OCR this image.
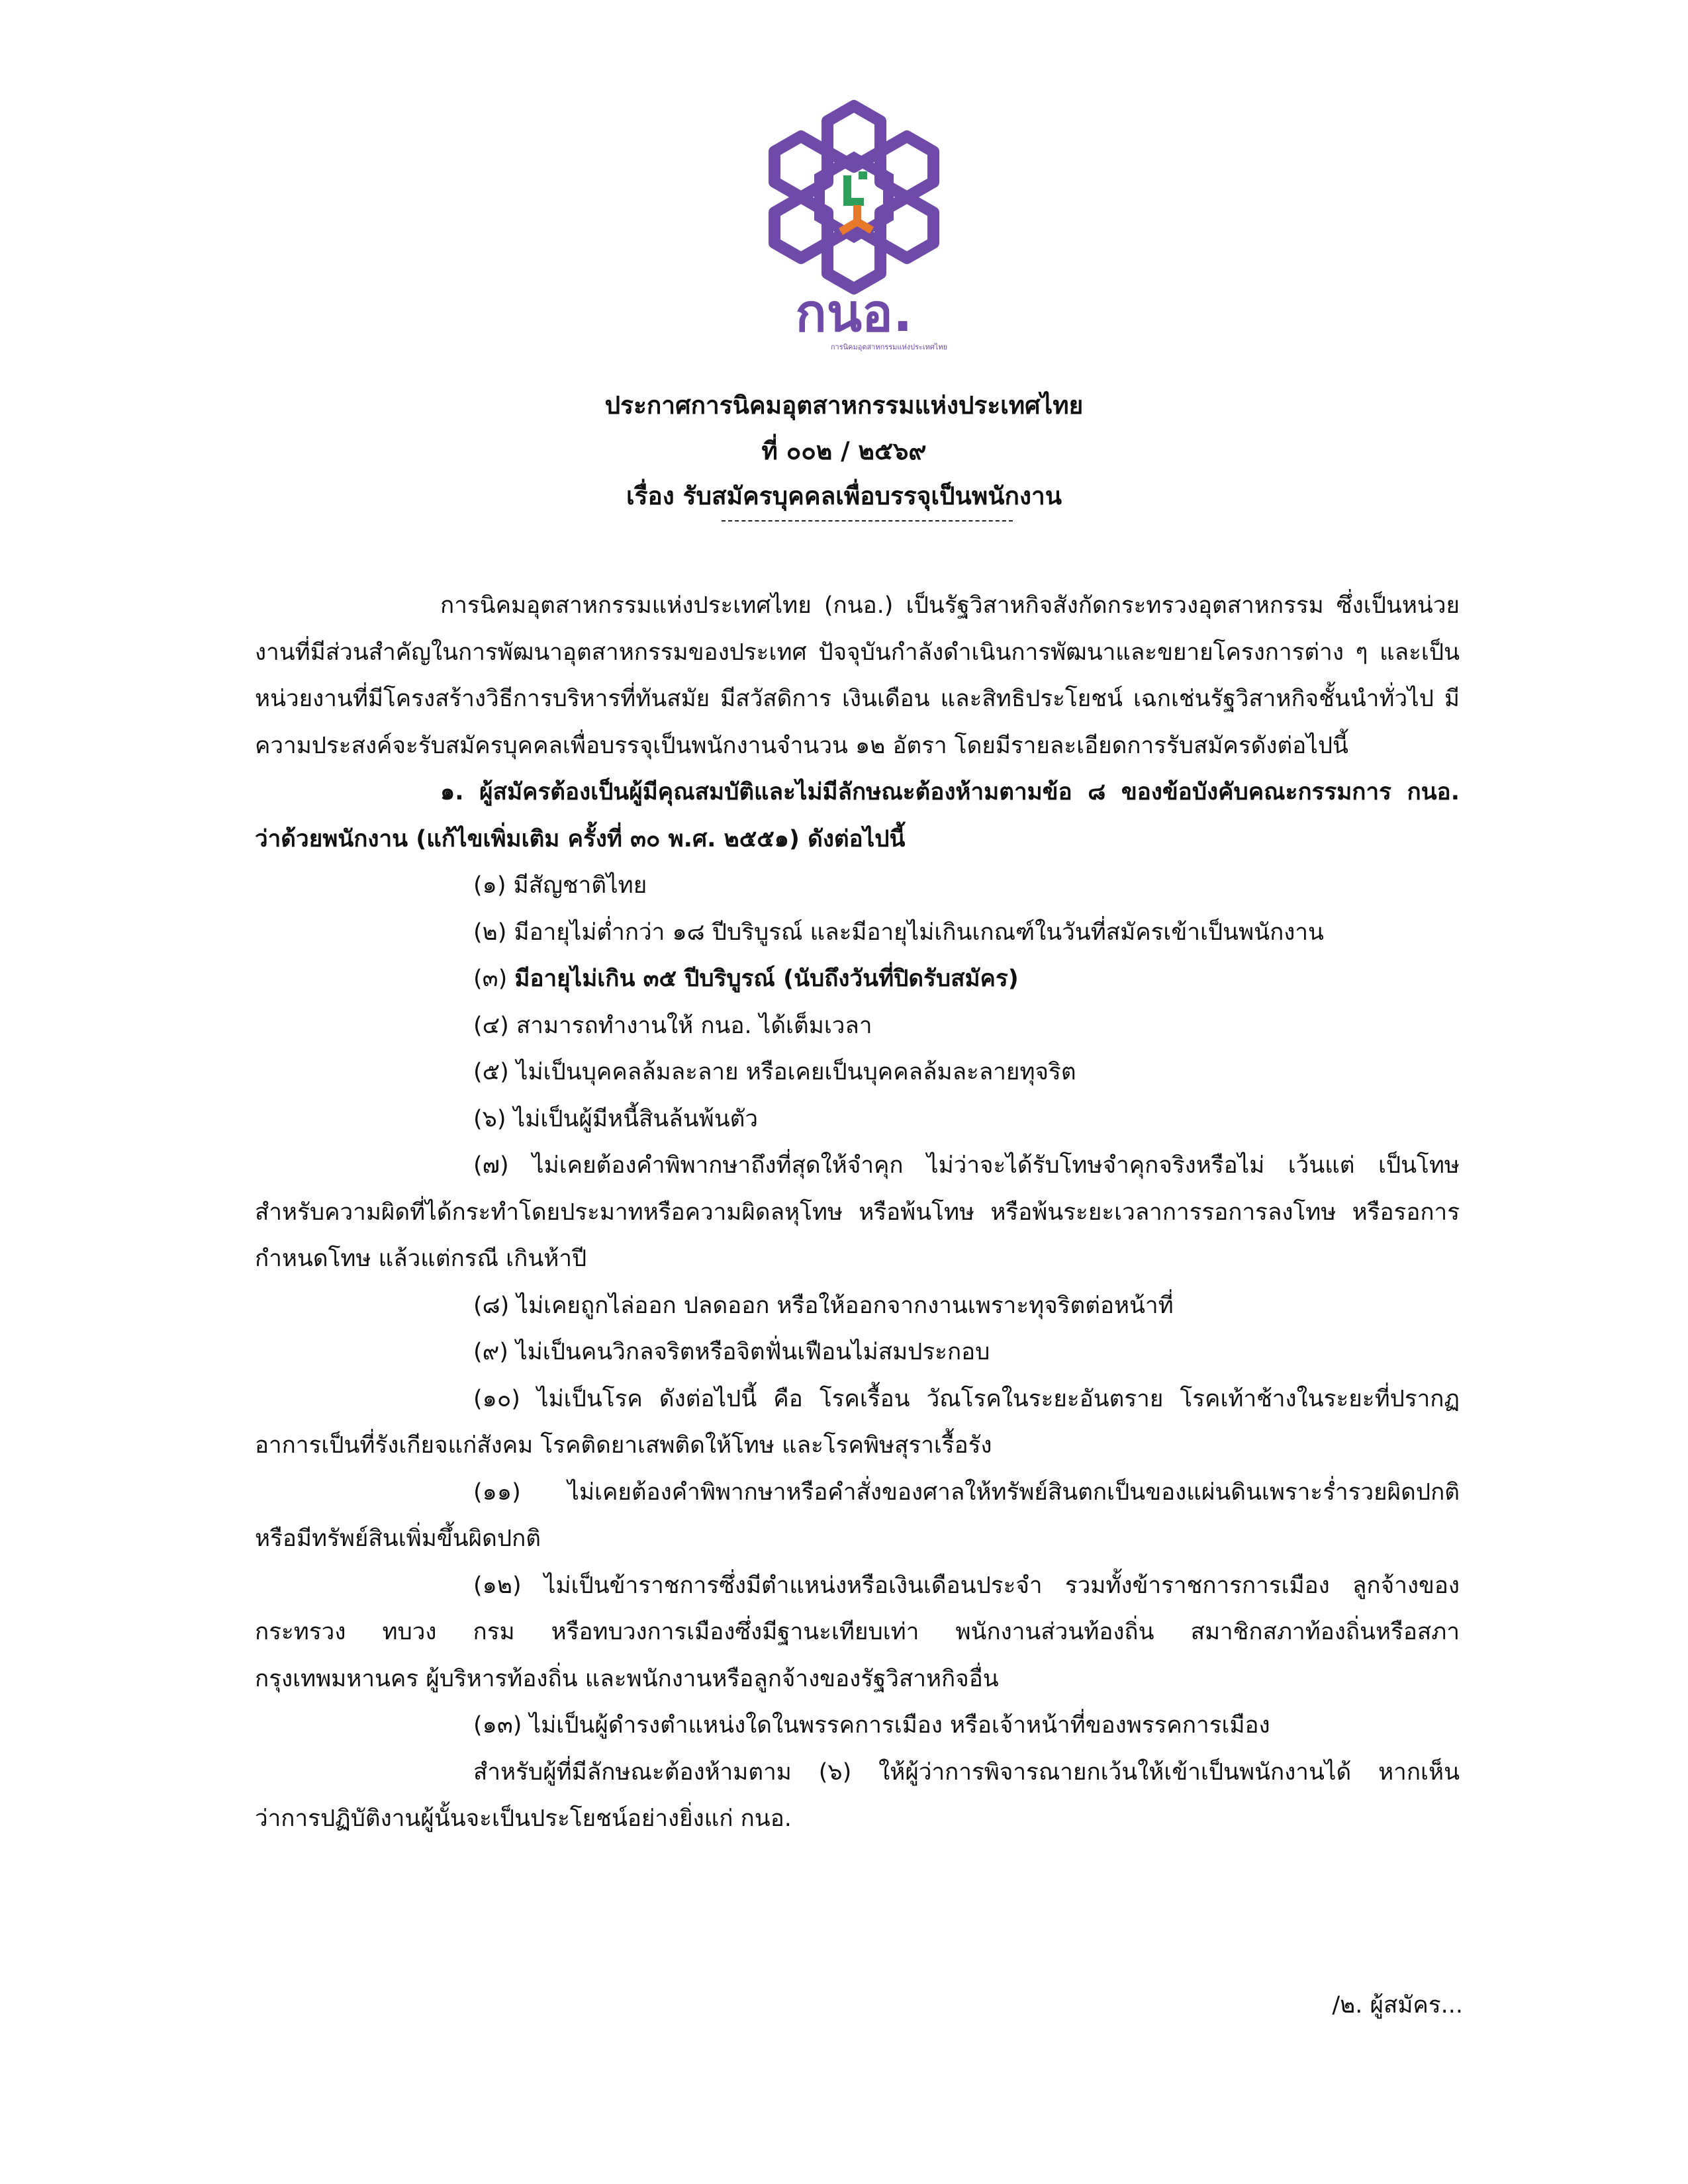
กนอ.
การนิคมอุตสาหกรรมแห่งประเทศไทย
ประกาศการนิคมอุตสาหกรรมแห่งประเทศไทย
ที่ ๐๐๒ / ๒๕๖๙
เรื่อง รับสมัครบุคคลเพื่อบรรจุเป็นพนักงาน

การนิคมอุตสาหกรรมแห่งประเทศไทย (กนอ.) เป็นรัฐวิสาหกิจสังกัดกระทรวงอุตสาหกรรม ซึ่งเป็นหน่วยงานที่มีส่วนสำคัญในการพัฒนาอุตสาหกรรมของประเทศ ปัจจุบันกำลังดำเนินการพัฒนาและขยายโครงการต่าง ๆ และเป็นหน่วยงานที่มีโครงสร้างวิธีการบริหารที่ทันสมัย มีสวัสดิการ เงินเดือน และสิทธิประโยชน์ เฉกเช่นรัฐวิสาหกิจชั้นนำทั่วไป มีความประสงค์จะรับสมัครบุคคลเพื่อบรรจุเป็นพนักงานจำนวน ๑๒ อัตรา โดยมีรายละเอียดการรับสมัครดังต่อไปนี้

๑. ผู้สมัครต้องเป็นผู้มีคุณสมบัติและไม่มีลักษณะต้องห้ามตามข้อ ๘ ของข้อบังคับคณะกรรมการ กนอ. ว่าด้วยพนักงาน (แก้ไขเพิ่มเติม ครั้งที่ ๓๐ พ.ศ. ๒๕๕๑) ดังต่อไปนี้

(๑) มีสัญชาติไทย

(๒) มีอายุไม่ต่ำกว่า ๑๘ ปีบริบูรณ์ และมีอายุไม่เกินเกณฑ์ในวันที่สมัครเข้าเป็นพนักงาน

(๓) มีอายุไม่เกิน ๓๕ ปีบริบูรณ์ (นับถึงวันที่ปิดรับสมัคร)

(๔) สามารถทำงานให้ กนอ. ได้เต็มเวลา

(๕) ไม่เป็นบุคคลล้มละลาย หรือเคยเป็นบุคคลล้มละลายทุจริต

(๖) ไม่เป็นผู้มีหนี้สินล้นพ้นตัว

(๗) ไม่เคยต้องคำพิพากษาถึงที่สุดให้จำคุก ไม่ว่าจะได้รับโทษจำคุกจริงหรือไม่ เว้นแต่ เป็นโทษสำหรับความผิดที่ได้กระทำโดยประมาทหรือความผิดลหุโทษ หรือพ้นโทษ หรือพ้นระยะเวลาการรอการลงโทษ หรือรอการกำหนดโทษ แล้วแต่กรณี เกินห้าปี

(๘) ไม่เคยถูกไล่ออก ปลดออก หรือให้ออกจากงานเพราะทุจริตต่อหน้าที่

(๙) ไม่เป็นคนวิกลจริตหรือจิตฟั่นเฟือนไม่สมประกอบ

(๑๐) ไม่เป็นโรค ดังต่อไปนี้ คือ โรคเรื้อน วัณโรคในระยะอันตราย โรคเท้าช้างในระยะที่ปรากฏอาการเป็นที่รังเกียจแก่สังคม โรคติดยาเสพติดให้โทษ และโรคพิษสุราเรื้อรัง

(๑๑) ไม่เคยต้องคำพิพากษาหรือคำสั่งของศาลให้ทรัพย์สินตกเป็นของแผ่นดินเพราะร่ำรวยผิดปกติหรือมีทรัพย์สินเพิ่มขึ้นผิดปกติ

(๑๒) ไม่เป็นข้าราชการซึ่งมีตำแหน่งหรือเงินเดือนประจำ รวมทั้งข้าราชการการเมือง ลูกจ้างของกระทรวง ทบวง กรม หรือทบวงการเมืองซึ่งมีฐานะเทียบเท่า พนักงานส่วนท้องถิ่น สมาชิกสภาท้องถิ่นหรือสภากรุงเทพมหานคร ผู้บริหารท้องถิ่น และพนักงานหรือลูกจ้างของรัฐวิสาหกิจอื่น

(๑๓) ไม่เป็นผู้ดำรงตำแหน่งใดในพรรคการเมือง หรือเจ้าหน้าที่ของพรรคการเมือง

สำหรับผู้ที่มีลักษณะต้องห้ามตาม (๖) ให้ผู้ว่าการพิจารณายกเว้นให้เข้าเป็นพนักงานได้ หากเห็นว่าการปฏิบัติงานผู้นั้นจะเป็นประโยชน์อย่างยิ่งแก่ กนอ.

/๒. ผู้สมัคร...
